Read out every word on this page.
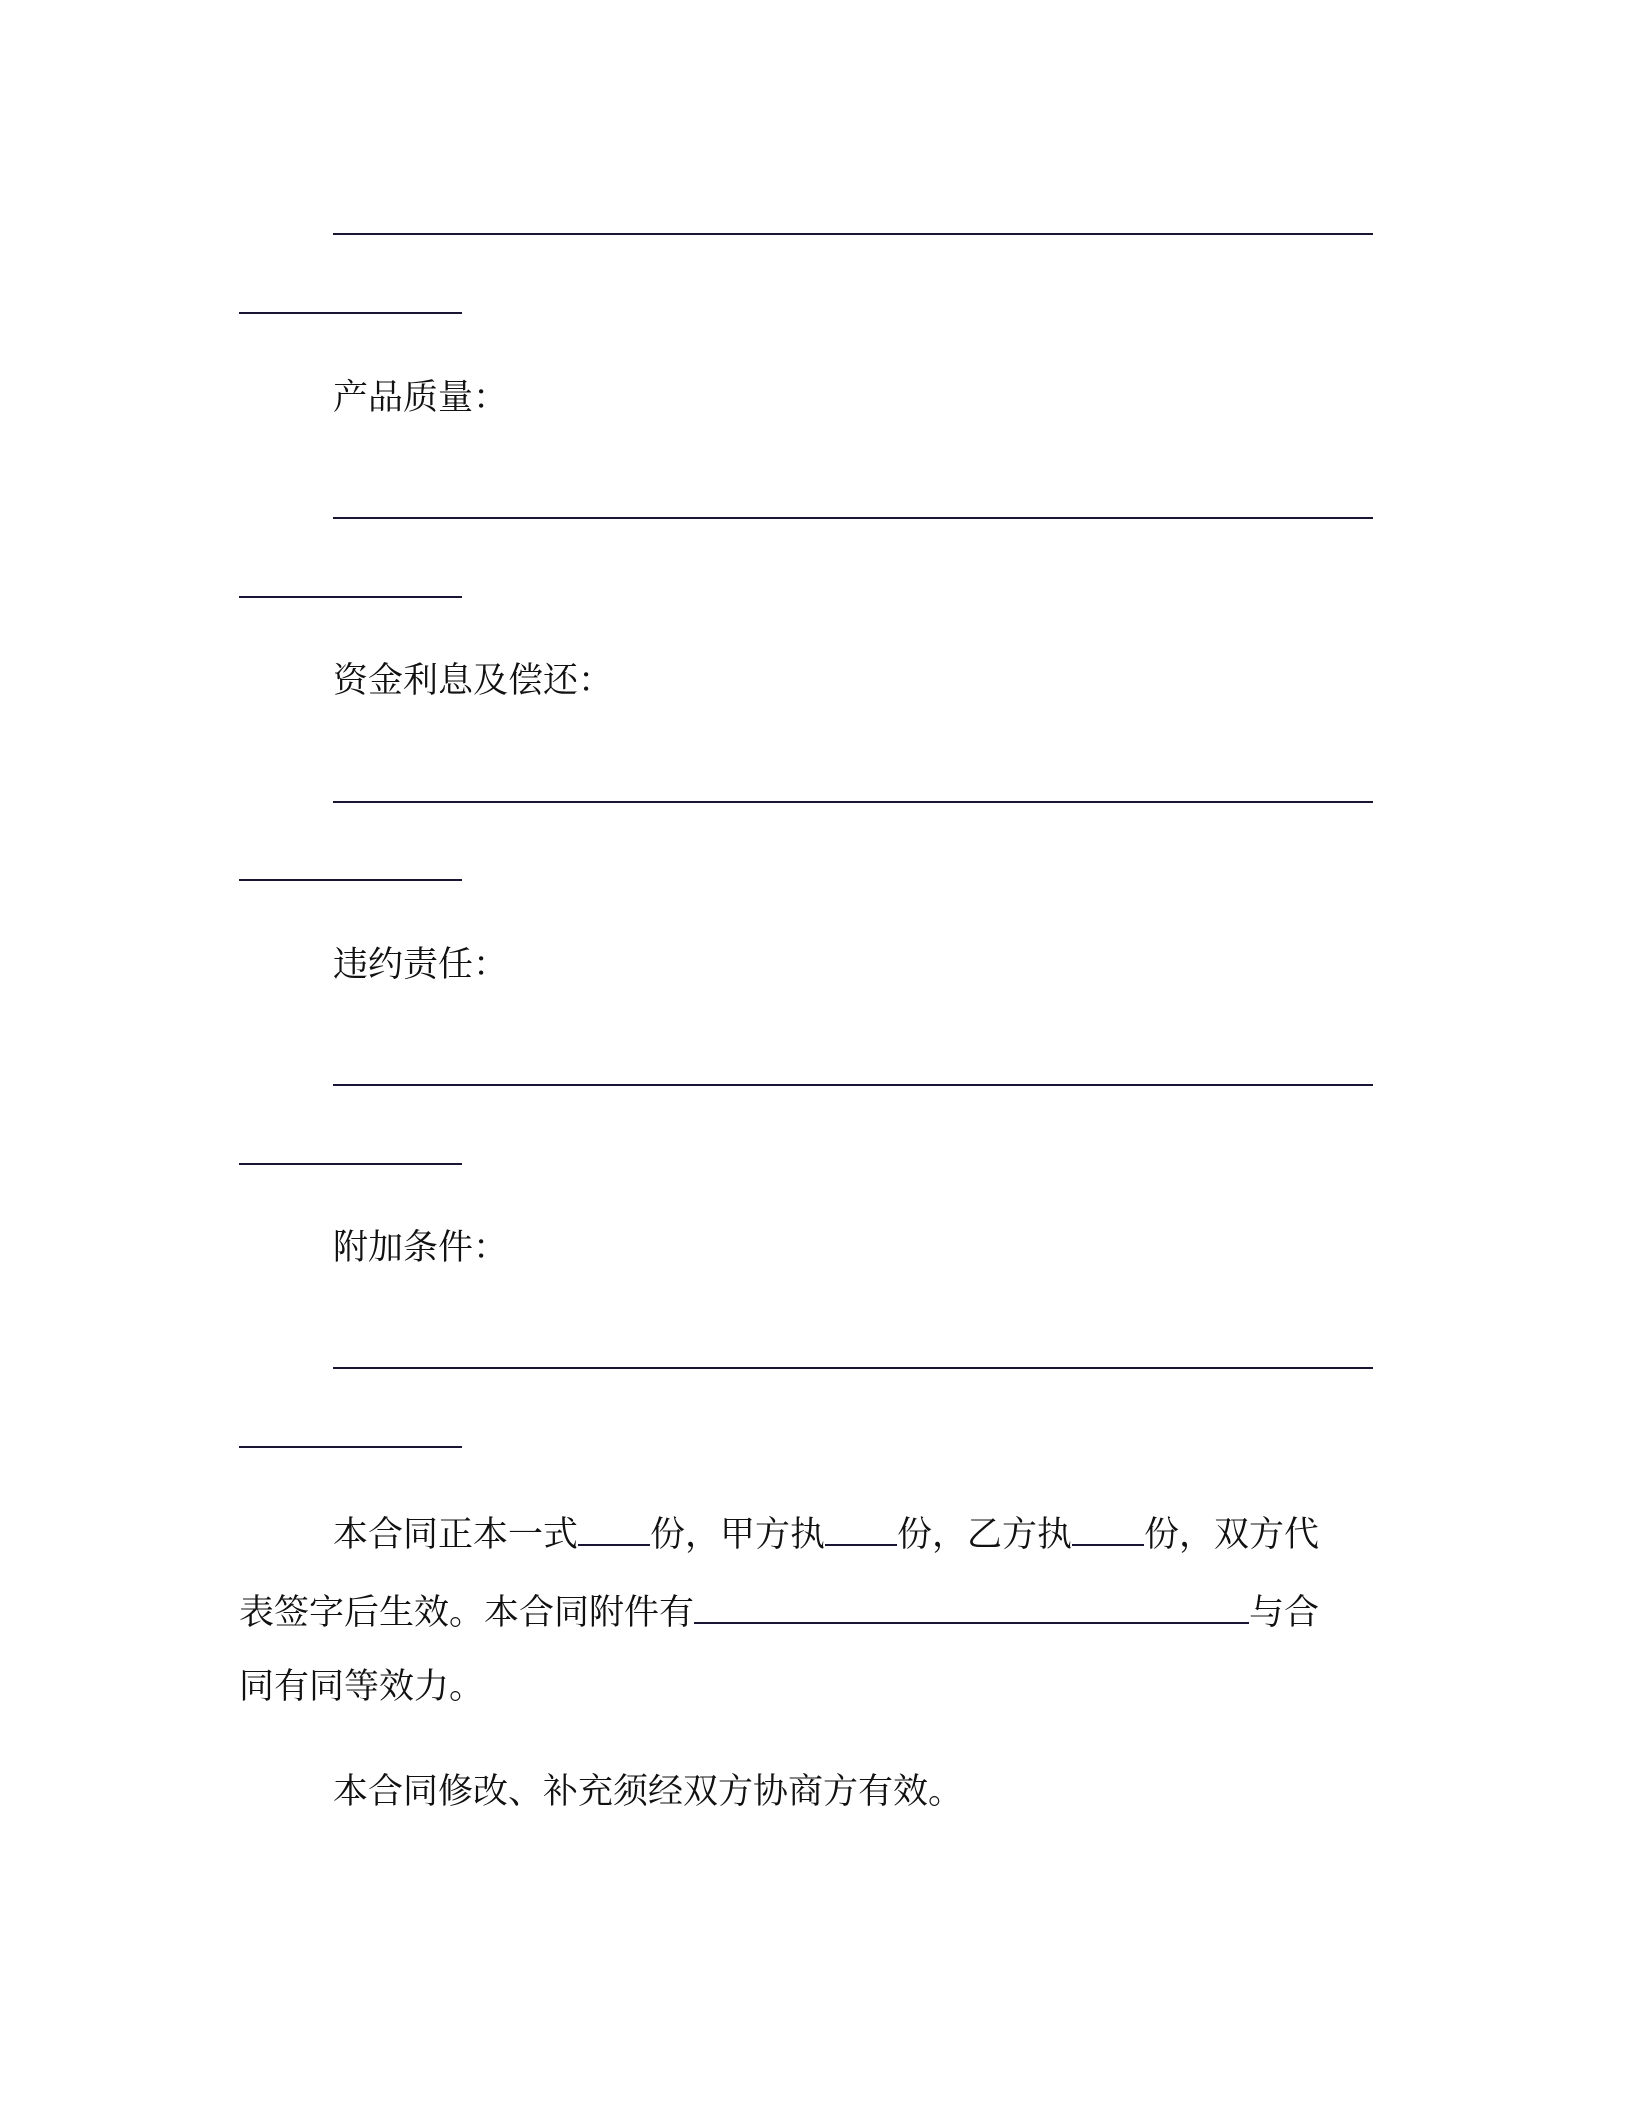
产品质量：
资金利息及偿还：
违约责任：
附加条件：
本合同正本一式 份，甲方执 份，乙方执 份，双方代
表签字后生效。本合同附件有	与合
同有同等效力。
本合同修改、补充须经双方协商方有效。
